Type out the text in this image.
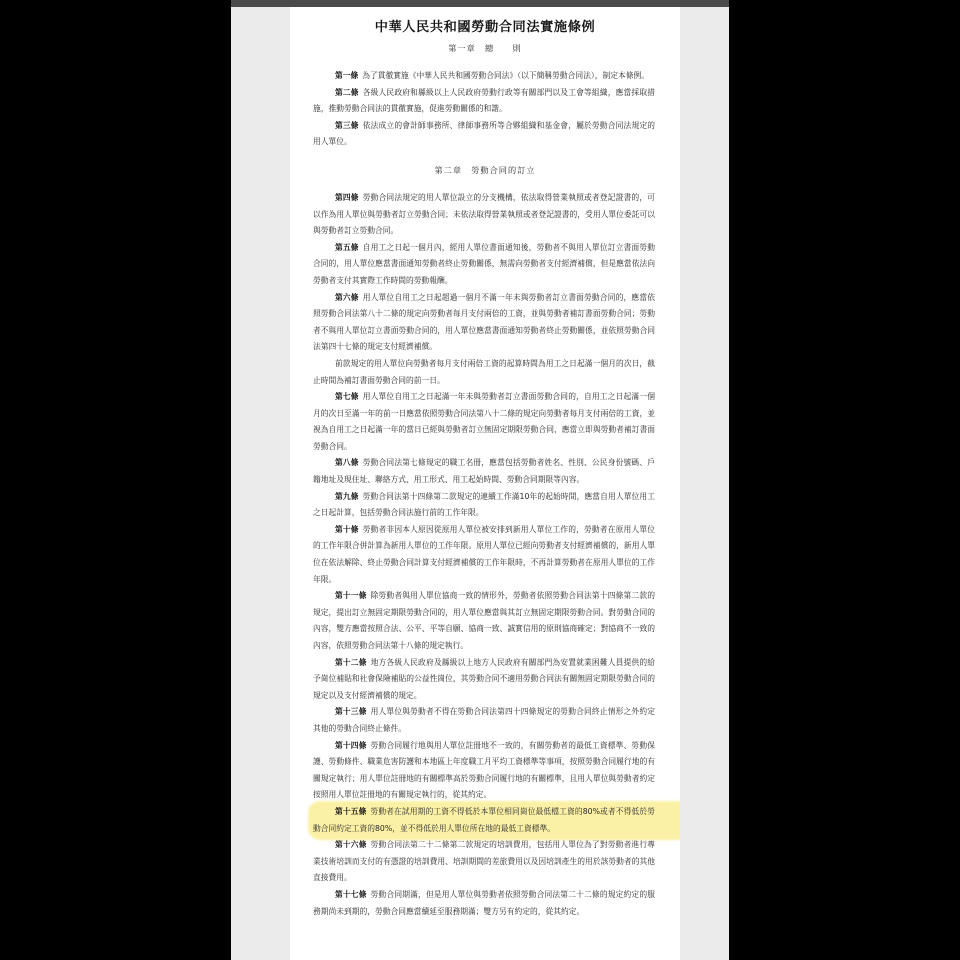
中華人民共和國勞動合同法實施條例
第一章　總　　則

第一條 為了貫徹實施《中華人民共和國勞動合同法》（以下簡稱勞動合同法），制定本條例。

第二條 各級人民政府和縣級以上人民政府勞動行政等有關部門以及工會等組織，應當採取措施，推動勞動合同法的貫徹實施，促進勞動關係的和諧。

第三條 依法成立的會計師事務所、律師事務所等合夥組織和基金會，屬於勞動合同法規定的用人單位。

第二章　勞動合同的訂立

第四條 勞動合同法規定的用人單位設立的分支機構，依法取得營業執照或者登記證書的，可以作為用人單位與勞動者訂立勞動合同；未依法取得營業執照或者登記證書的，受用人單位委託可以與勞動者訂立勞動合同。

第五條 自用工之日起一個月內，經用人單位書面通知後，勞動者不與用人單位訂立書面勞動合同的，用人單位應當書面通知勞動者終止勞動關係，無需向勞動者支付經濟補償，但是應當依法向勞動者支付其實際工作時間的勞動報酬。

第六條 用人單位自用工之日起超過一個月不滿一年未與勞動者訂立書面勞動合同的，應當依照勞動合同法第八十二條的規定向勞動者每月支付兩倍的工資，並與勞動者補訂書面勞動合同；勞動者不與用人單位訂立書面勞動合同的，用人單位應當書面通知勞動者終止勞動關係，並依照勞動合同法第四十七條的規定支付經濟補償。

前款規定的用人單位向勞動者每月支付兩倍工資的起算時間為用工之日起滿一個月的次日，截止時間為補訂書面勞動合同的前一日。

第七條 用人單位自用工之日起滿一年未與勞動者訂立書面勞動合同的，自用工之日起滿一個月的次日至滿一年的前一日應當依照勞動合同法第八十二條的規定向勞動者每月支付兩倍的工資，並視為自用工之日起滿一年的當日已經與勞動者訂立無固定期限勞動合同，應當立即與勞動者補訂書面勞動合同。

第八條 勞動合同法第七條規定的職工名冊，應當包括勞動者姓名、性別、公民身份號碼、戶籍地址及現住址、聯絡方式、用工形式、用工起始時間、勞動合同期限等內容。

第九條 勞動合同法第十四條第二款規定的連續工作滿10年的起始時間，應當自用人單位用工之日起計算，包括勞動合同法施行前的工作年限。

第十條 勞動者非因本人原因從原用人單位被安排到新用人單位工作的，勞動者在原用人單位的工作年限合併計算為新用人單位的工作年限。原用人單位已經向勞動者支付經濟補償的，新用人單位在依法解除、終止勞動合同計算支付經濟補償的工作年限時，不再計算勞動者在原用人單位的工作年限。

第十一條 除勞動者與用人單位協商一致的情形外，勞動者依照勞動合同法第十四條第二款的規定，提出訂立無固定期限勞動合同的，用人單位應當與其訂立無固定期限勞動合同。對勞動合同的內容，雙方應當按照合法、公平、平等自願、協商一致、誠實信用的原則協商確定；對協商不一致的內容，依照勞動合同法第十八條的規定執行。

第十二條 地方各級人民政府及縣級以上地方人民政府有關部門為安置就業困難人員提供的給予崗位補貼和社會保險補貼的公益性崗位，其勞動合同不適用勞動合同法有關無固定期限勞動合同的規定以及支付經濟補償的規定。

第十三條 用人單位與勞動者不得在勞動合同法第四十四條規定的勞動合同終止情形之外約定其他的勞動合同終止條件。

第十四條 勞動合同履行地與用人單位註冊地不一致的，有關勞動者的最低工資標準、勞動保護、勞動條件、職業危害防護和本地區上年度職工月平均工資標準等事項，按照勞動合同履行地的有關規定執行；用人單位註冊地的有關標準高於勞動合同履行地的有關標準，且用人單位與勞動者約定按照用人單位註冊地的有關規定執行的，從其約定。

第十五條 勞動者在試用期的工資不得低於本單位相同崗位最低檔工資的80%或者不得低於勞動合同約定工資的80%，並不得低於用人單位所在地的最低工資標準。

第十六條 勞動合同法第二十二條第二款規定的培訓費用，包括用人單位為了對勞動者進行專業技術培訓而支付的有憑證的培訓費用、培訓期間的差旅費用以及因培訓產生的用於該勞動者的其他直接費用。

第十七條 勞動合同期滿，但是用人單位與勞動者依照勞動合同法第二十二條的規定約定的服務期尚未到期的，勞動合同應當續延至服務期滿；雙方另有約定的，從其約定。
